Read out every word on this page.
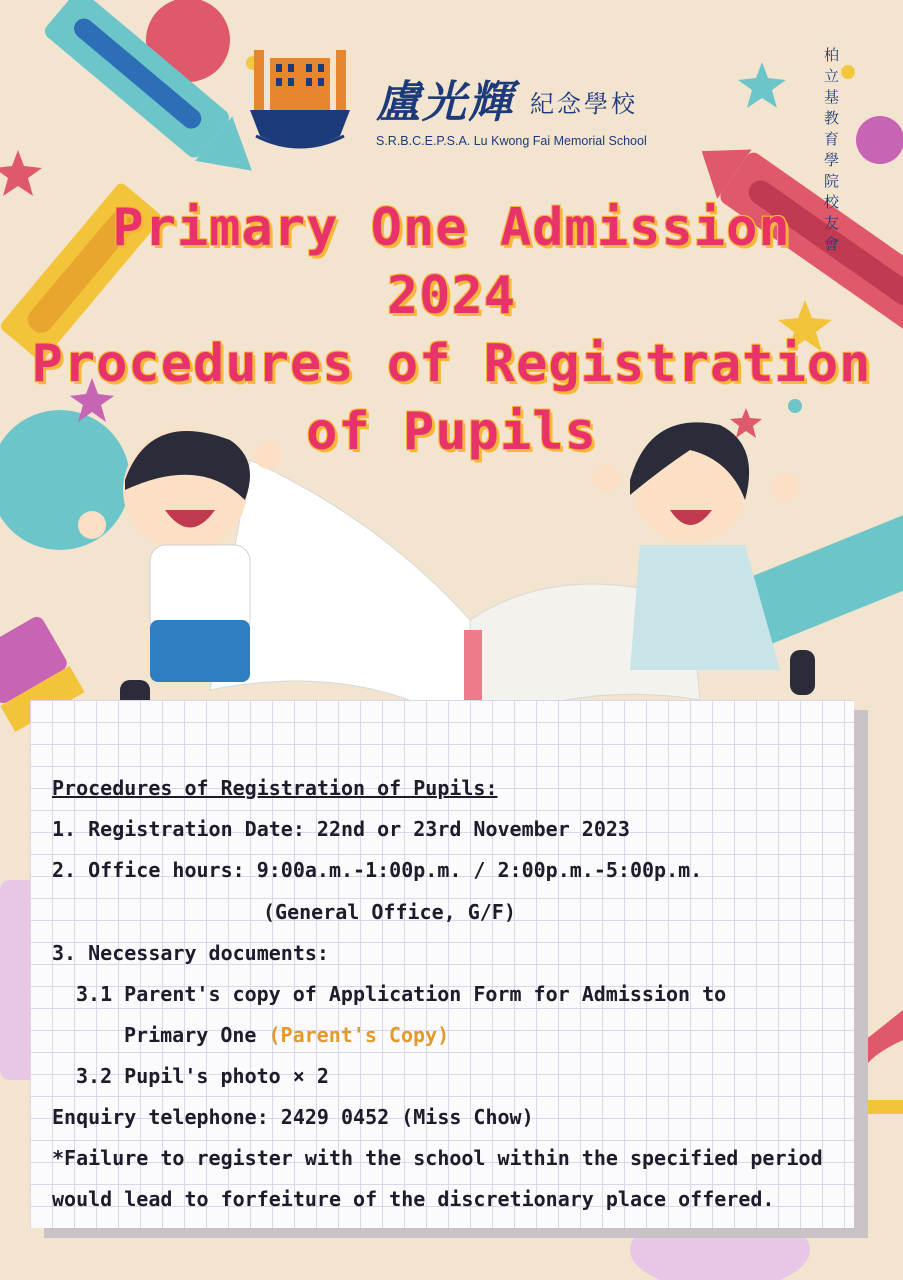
柏立基教育學院校友會
盧光輝 紀念學校
S.R.B.C.E.P.S.A. Lu Kwong Fai Memorial School
Primary One Admission
2024
Procedures of Registration
of Pupils
Procedures of Registration of Pupils:
1. Registration Date: 22nd or 23rd November 2023
2. Office hours: 9:00a.m.-1:00p.m. / 2:00p.m.-5:00p.m.
(General Office, G/F)
3. Necessary documents:
3.1 Parent's copy of Application Form for Admission to
Primary One (Parent's Copy)
3.2 Pupil's photo × 2
Enquiry telephone: 2429 0452 (Miss Chow)
*Failure to register with the school within the specified period
would lead to forfeiture of the discretionary place offered.
